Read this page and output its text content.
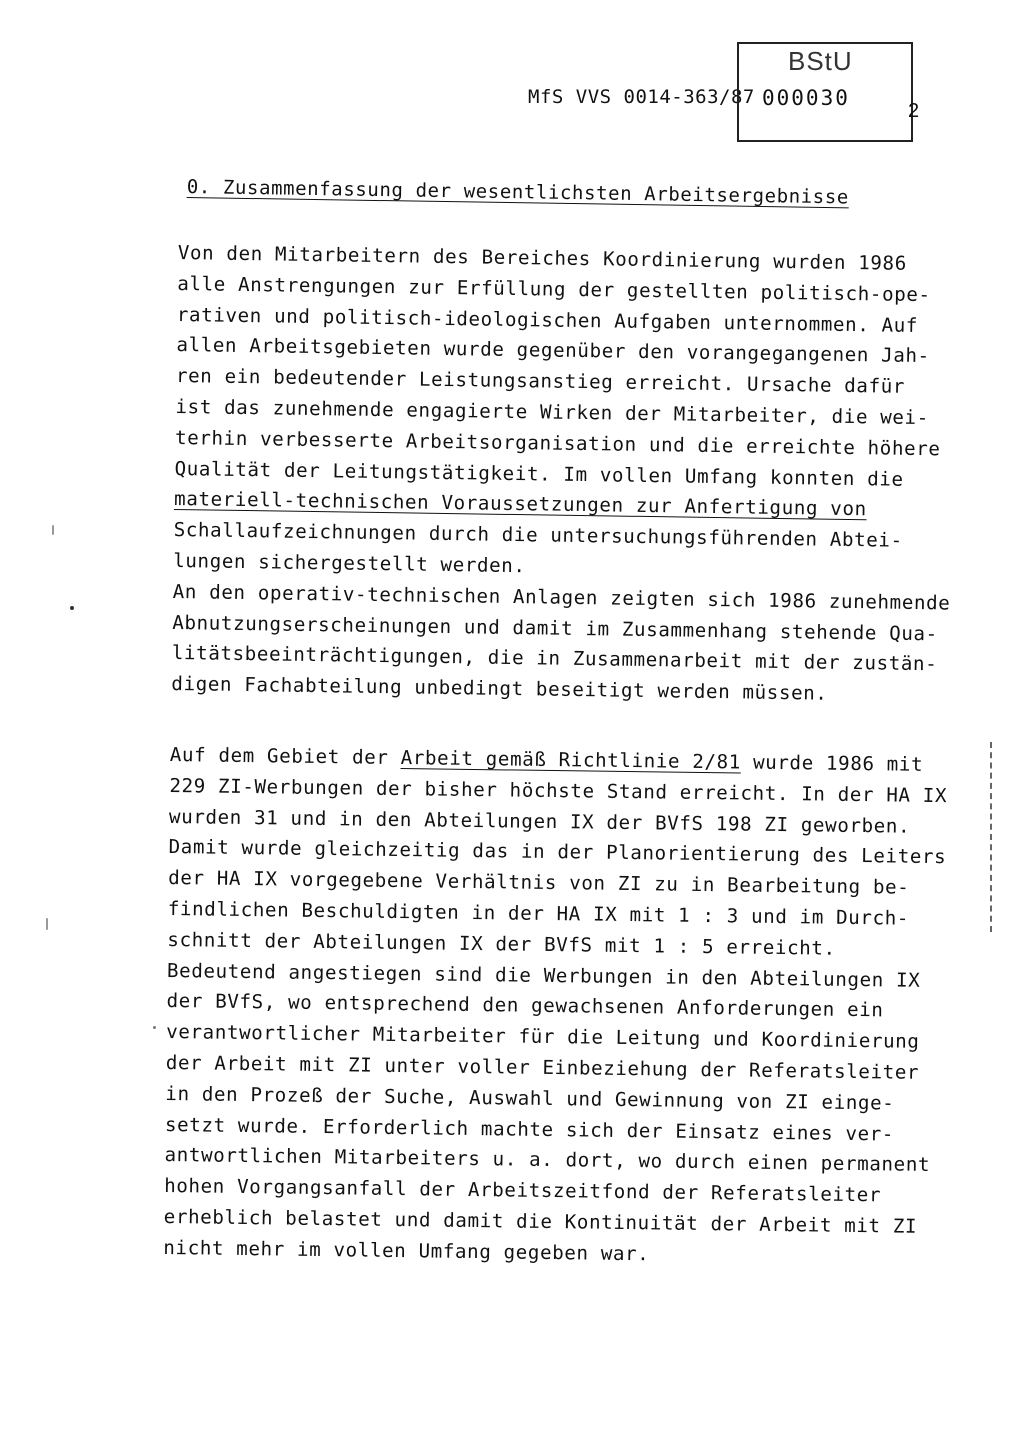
MfS VVS 0014-363/87
BStU
000030
2
0. Zusammenfassung der wesentlichsten Arbeitsergebnisse
Von den Mitarbeitern des Bereiches Koordinierung wurden 1986
alle Anstrengungen zur Erfüllung der gestellten politisch-ope-
rativen und politisch-ideologischen Aufgaben unternommen. Auf
allen Arbeitsgebieten wurde gegenüber den vorangegangenen Jah-
ren ein bedeutender Leistungsanstieg erreicht. Ursache dafür
ist das zunehmende engagierte Wirken der Mitarbeiter, die wei-
terhin verbesserte Arbeitsorganisation und die erreichte höhere
Qualität der Leitungstätigkeit. Im vollen Umfang konnten die
materiell-technischen Voraussetzungen zur Anfertigung von
Schallaufzeichnungen durch die untersuchungsführenden Abtei-
lungen sichergestellt werden.
An den operativ-technischen Anlagen zeigten sich 1986 zunehmende
Abnutzungserscheinungen und damit im Zusammenhang stehende Qua-
litätsbeeinträchtigungen, die in Zusammenarbeit mit der zustän-
digen Fachabteilung unbedingt beseitigt werden müssen.
Auf dem Gebiet der Arbeit gemäß Richtlinie 2/81 wurde 1986 mit
229 ZI-Werbungen der bisher höchste Stand erreicht. In der HA IX
wurden 31 und in den Abteilungen IX der BVfS 198 ZI geworben.
Damit wurde gleichzeitig das in der Planorientierung des Leiters
der HA IX vorgegebene Verhältnis von ZI zu in Bearbeitung be-
findlichen Beschuldigten in der HA IX mit 1 : 3 und im Durch-
schnitt der Abteilungen IX der BVfS mit 1 : 5 erreicht.
Bedeutend angestiegen sind die Werbungen in den Abteilungen IX
der BVfS, wo entsprechend den gewachsenen Anforderungen ein
verantwortlicher Mitarbeiter für die Leitung und Koordinierung
der Arbeit mit ZI unter voller Einbeziehung der Referatsleiter
in den Prozeß der Suche, Auswahl und Gewinnung von ZI einge-
setzt wurde. Erforderlich machte sich der Einsatz eines ver-
antwortlichen Mitarbeiters u. a. dort, wo durch einen permanent
hohen Vorgangsanfall der Arbeitszeitfond der Referatsleiter
erheblich belastet und damit die Kontinuität der Arbeit mit ZI
nicht mehr im vollen Umfang gegeben war.
